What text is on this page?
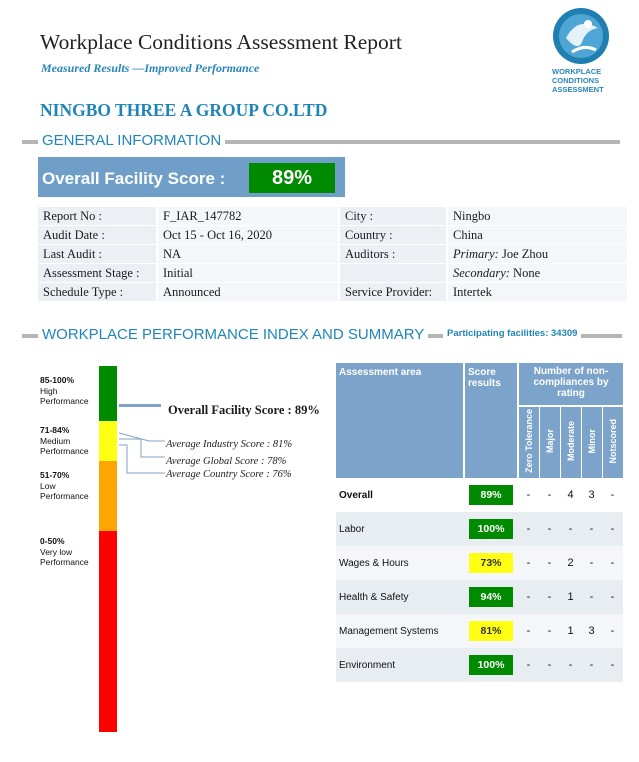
Workplace Conditions Assessment Report
Measured Results —Improved Performance	WORKPLACE
CONDITIONS
ASSESSMENT
NINGBO THREE A GROUP CO.LTD
GENERAL INFORMATION
Overall Facility Score :	89%
Report No :		F_IAR_147782		City :		Ningbo
Audit Date :		Oct 15 - Oct 16, 2020		Country :		China
Last Audit :		NA		Auditors :		Primary: Joe Zhou
Assessment Stage :		Initial				Secondary: None
Schedule Type :		Announced		Service Provider:		Intertek
WORKPLACE PERFORMANCE INDEX AND SUMMARY	Participating facilities: 34309
85-100%
High
Performance
71-84%
Medium
Performance
51-70%
Low
Performance
0-50%
Very low
Performance
Overall Facility Score : 89%
Average Industry Score : 81%
Average Global Score : 78%
Average Country Score : 76%
Assessment area	Score results	Number of non-compliances by rating				
		Zero Tolerance	Major	Moderate	Minor	Notscored
Overall	89%	-	-	4	3	-
Labor	100%	-	-	-	-	-
Wages & Hours	73%	-	-	2	-	-
Health & Safety	94%	-	-	1	-	-
Management Systems	81%	-	-	1	3	-
Environment	100%	-	-	-	-	-
